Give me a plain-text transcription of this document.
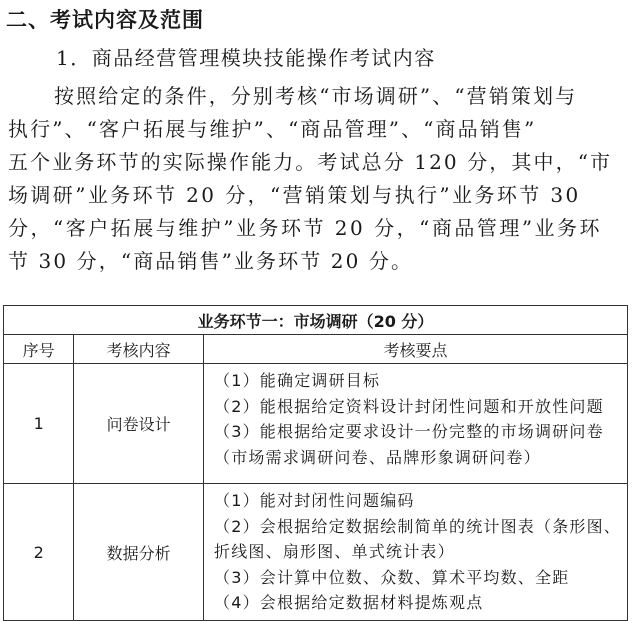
二、考试内容及范围
1．商品经营管理模块技能操作考试内容
按照给定的条件，分别考核“市场调研”、“营销策划与
执行”、“客户拓展与维护”、“商品管理”、“商品销售”
五个业务环节的实际操作能力。考试总分 120 分，其中，“市
场调研”业务环节 20 分，“营销策划与执行”业务环节 30
分，“客户拓展与维护”业务环节 20 分，“商品管理”业务环
节 30 分，“商品销售”业务环节 20 分。
业务环节一：市场调研（20 分）		
序号	考核内容	考核要点
1	问卷设计	（1）能确定调研目标
（2）能根据给定资料设计封闭性问题和开放性问题
（3）能根据给定要求设计一份完整的市场调研问卷
（市场需求调研问卷、品牌形象调研问卷）

2	数据分析	（1）能对封闭性问题编码
（2）会根据给定数据绘制简单的统计图表（条形图、
折线图、扇形图、单式统计表）
（3）会计算中位数、众数、算术平均数、全距
（4）会根据给定数据材料提炼观点
